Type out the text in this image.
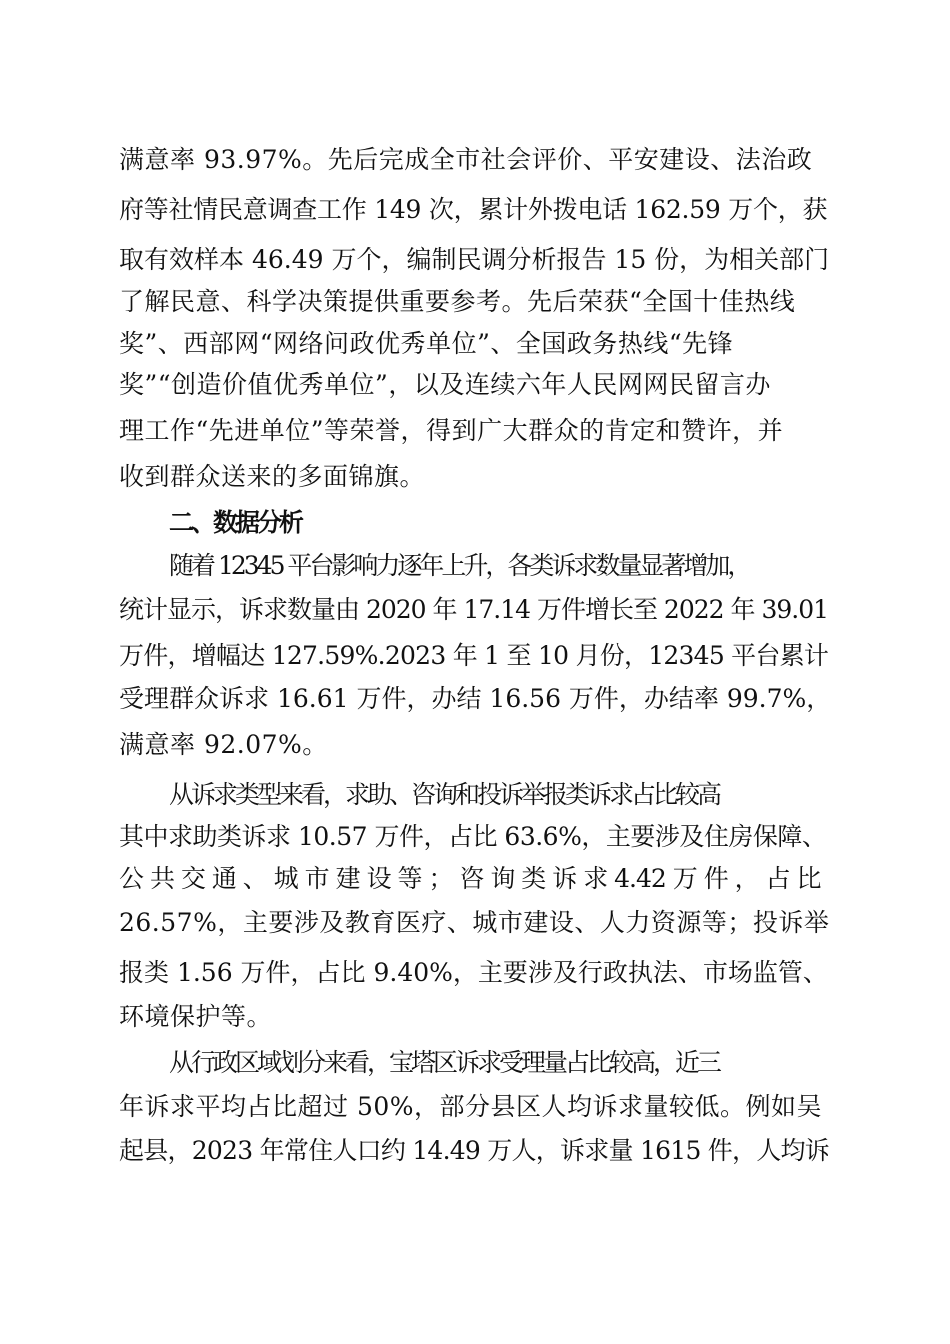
满意率 93.97%。先后完成全市社会评价、平安建设、法治政
府等社情民意调查工作 149 次，累计外拨电话 162.59 万个，获
取有效样本 46.49 万个，编制民调分析报告 15 份，为相关部门
了解民意、科学决策提供重要参考。先后荣获“全国十佳热线
奖”、西部网“网络问政优秀单位”、全国政务热线“先锋
奖”“创造价值优秀单位”，以及连续六年人民网网民留言办
理工作“先进单位”等荣誉，得到广大群众的肯定和赞许，并
收到群众送来的多面锦旗。
二、数据分析
随着 12345 平台影响力逐年上升，各类诉求数量显著增加，
统计显示，诉求数量由 2020 年 17.14 万件增长至 2022 年 39.01
万件，增幅达 127.59%.2023 年 1 至 10 月份，12345 平台累计
受理群众诉求 16.61 万件，办结 16.56 万件，办结率 99.7%，
满意率 92.07%。
从诉求类型来看，求助、咨询和投诉举报类诉求占比较高
其中求助类诉求 10.57 万件，占比 63.6%，主要涉及住房保障、
公 共 交 通 、 城 市 建 设 等 ； 咨 询 类 诉 求 4.42 万 件 ， 占 比
26.57%，主要涉及教育医疗、城市建设、人力资源等；投诉举
报类 1.56 万件，占比 9.40%，主要涉及行政执法、市场监管、
环境保护等。
从行政区域划分来看，宝塔区诉求受理量占比较高，近三
年诉求平均占比超过 50%，部分县区人均诉求量较低。例如吴
起县，2023 年常住人口约 14.49 万人，诉求量 1615 件，人均诉
